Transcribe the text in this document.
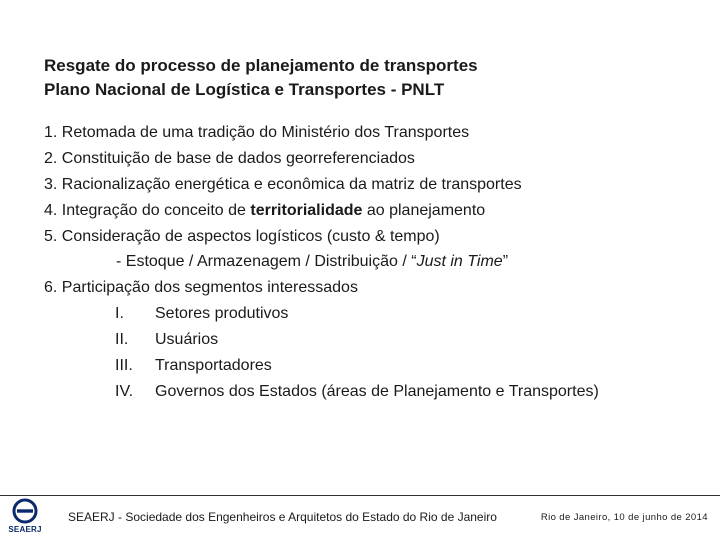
Resgate do processo de planejamento de transportes
Plano Nacional de Logística e Transportes - PNLT
1. Retomada de uma tradição do Ministério dos Transportes
2. Constituição de base de dados georreferenciados
3. Racionalização energética e econômica da matriz de transportes
4. Integração do conceito de territorialidade ao planejamento
5. Consideração de aspectos logísticos (custo & tempo)
- Estoque / Armazenagem / Distribuição / “Just in Time”
6. Participação dos segmentos interessados
I.	Setores produtivos
II.	Usuários
III.	Transportadores
IV.	Governos dos Estados (áreas de Planejamento e Transportes)
SEAERJ
SEAERJ - Sociedade dos Engenheiros e Arquitetos do Estado do Rio de Janeiro	Rio de Janeiro, 10 de junho de 2014
